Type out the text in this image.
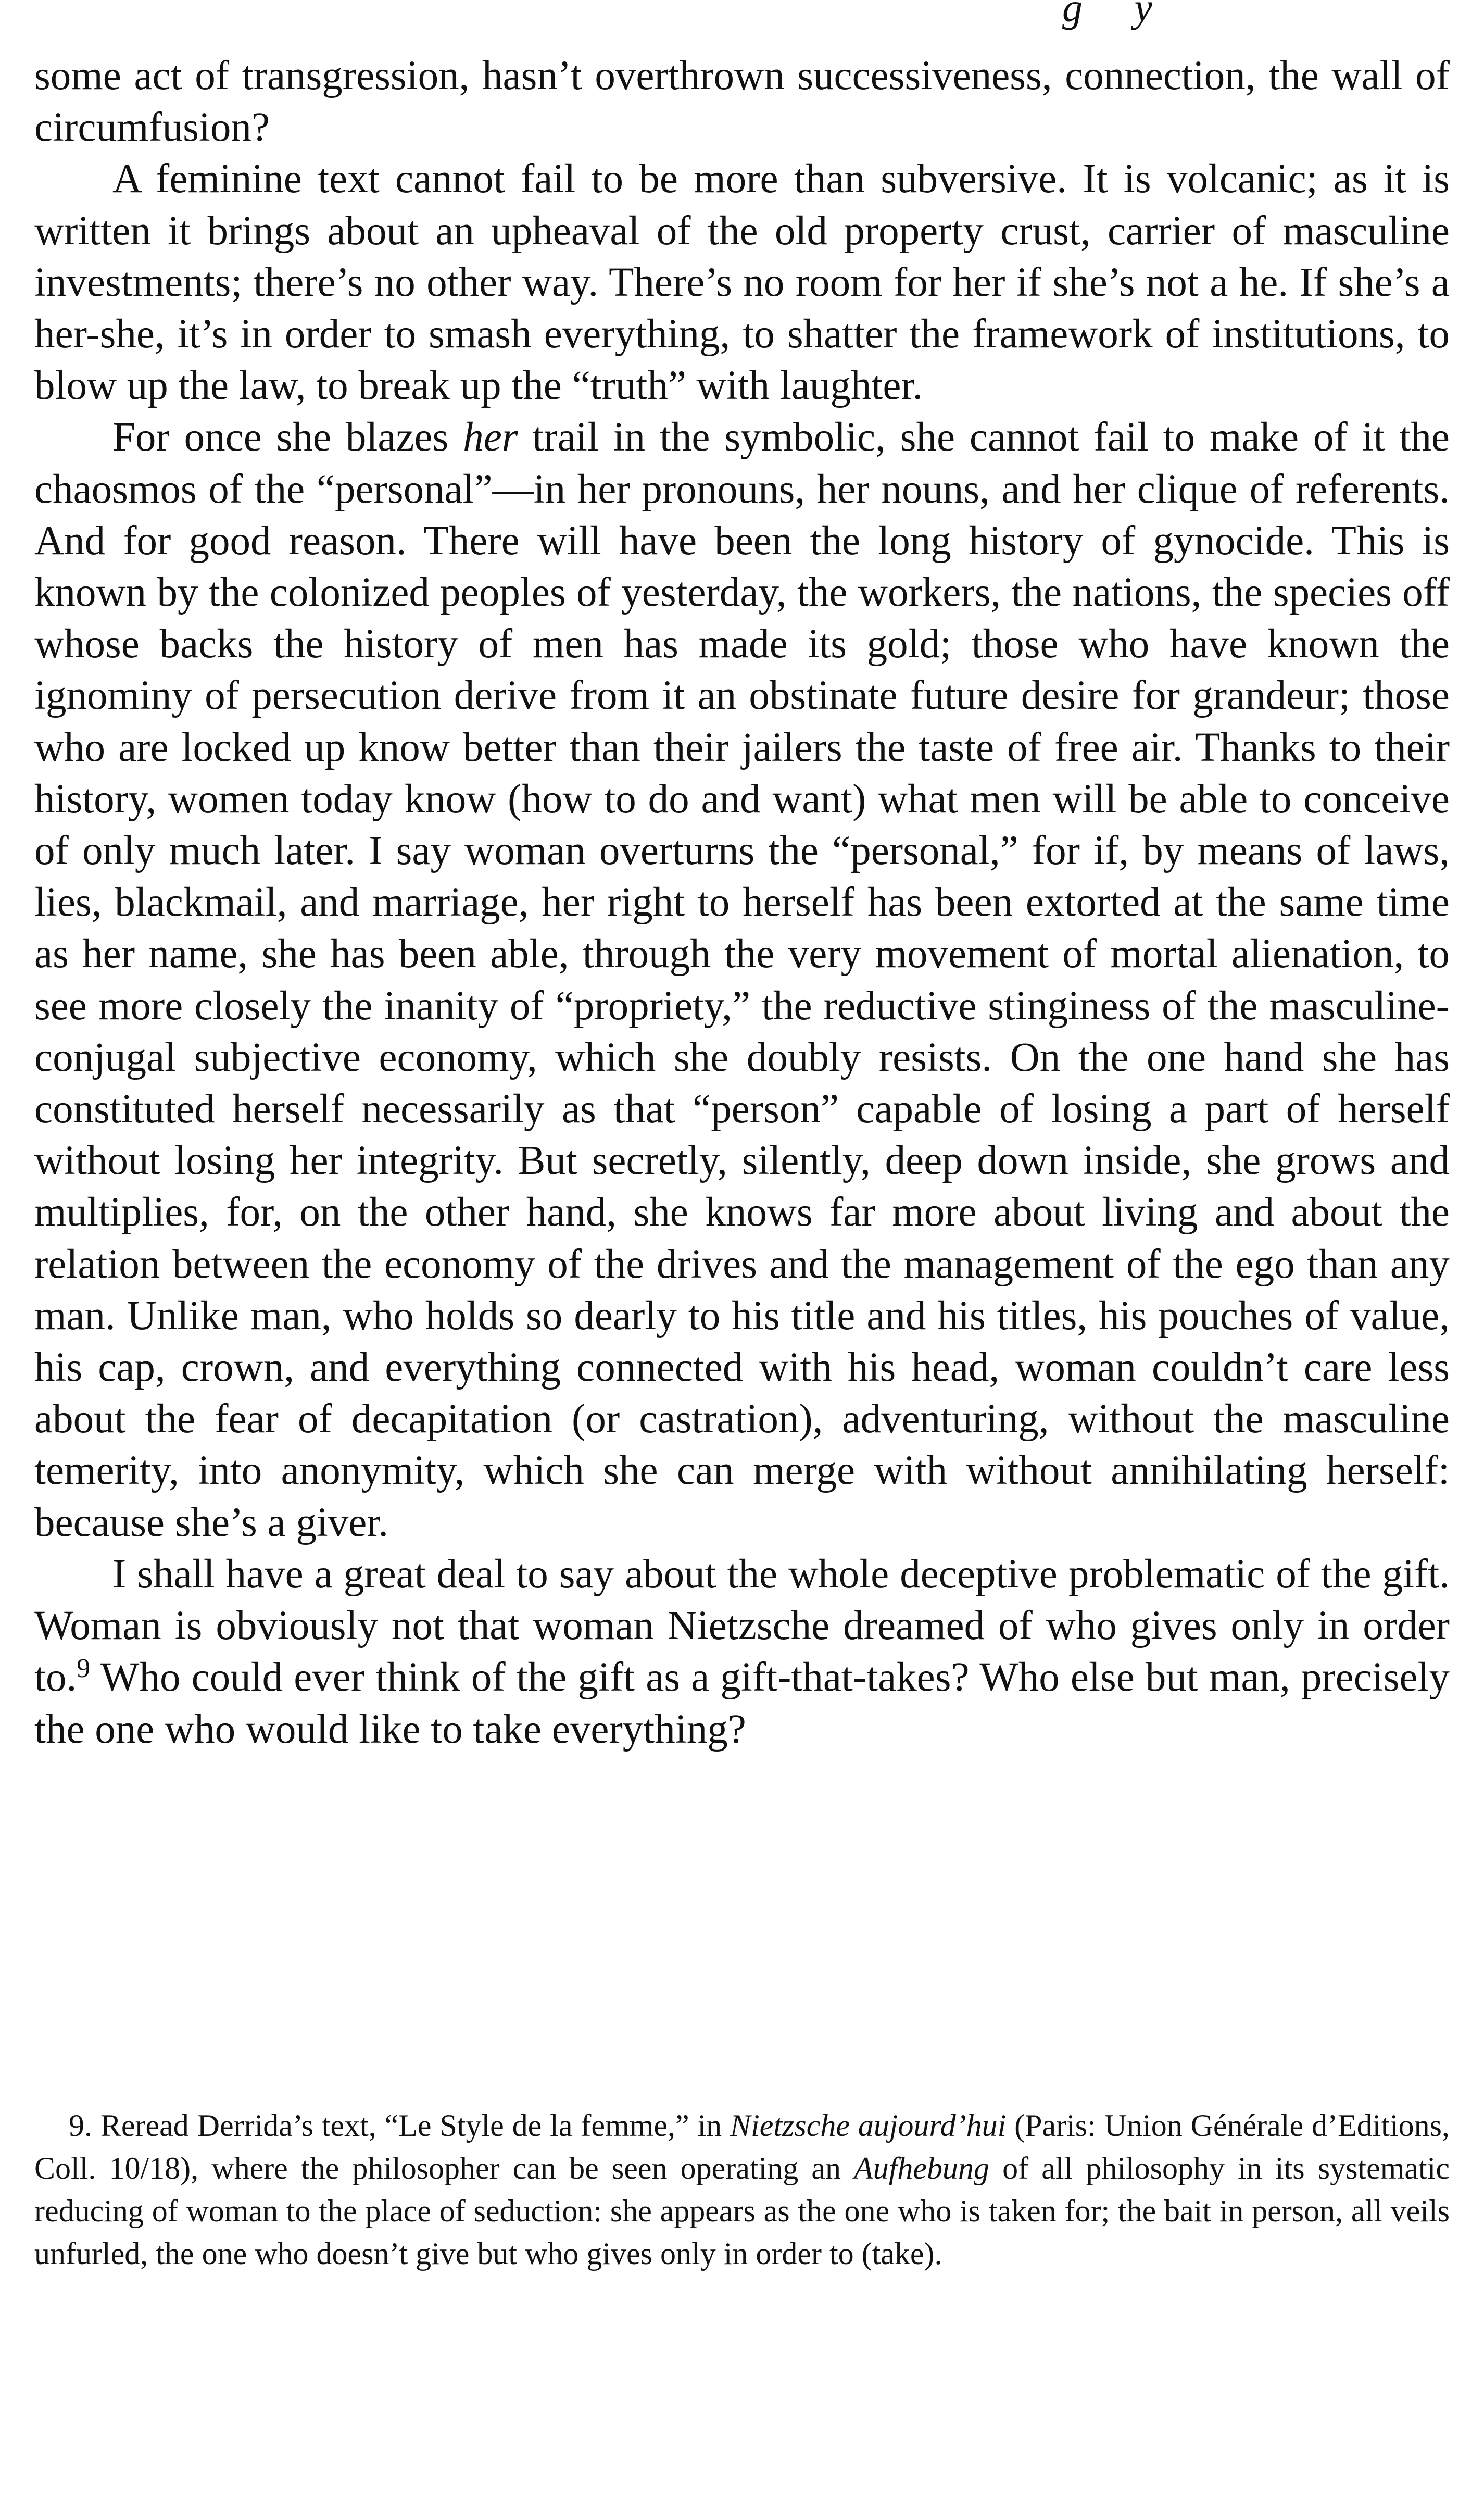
g y

some act of transgression, hasn’t overthrown successiveness, connection, the wall of circumfusion?

A feminine text cannot fail to be more than subversive. It is volcanic; as it is written it brings about an upheaval of the old property crust, carrier of masculine investments; there’s no other way. There’s no room for her if she’s not a he. If she’s a her-she, it’s in order to smash everything, to shatter the framework of institutions, to blow up the law, to break up the “truth” with laughter.

For once she blazes her trail in the symbolic, she cannot fail to make of it the chaosmos of the “personal”—in her pronouns, her nouns, and her clique of referents. And for good reason. There will have been the long history of gynocide. This is known by the colonized peoples of yesterday, the workers, the nations, the species off whose backs the history of men has made its gold; those who have known the ignominy of persecution derive from it an obstinate future desire for grandeur; those who are locked up know better than their jailers the taste of free air. Thanks to their history, women today know (how to do and want) what men will be able to conceive of only much later. I say woman overturns the “personal,” for if, by means of laws, lies, blackmail, and marriage, her right to herself has been extorted at the same time as her name, she has been able, through the very movement of mortal alienation, to see more closely the inanity of “propriety,” the reductive stinginess of the masculine-conjugal subjective economy, which she doubly resists. On the one hand she has constituted herself necessarily as that “person” capable of losing a part of herself without losing her integrity. But secretly, silently, deep down inside, she grows and multiplies, for, on the other hand, she knows far more about living and about the relation between the economy of the drives and the management of the ego than any man. Unlike man, who holds so dearly to his title and his titles, his pouches of value, his cap, crown, and everything connected with his head, woman couldn’t care less about the fear of decapitation (or castration), adventuring, without the masculine temerity, into anonymity, which she can merge with without annihilating herself: because she’s a giver.

I shall have a great deal to say about the whole deceptive problematic of the gift. Woman is obviously not that woman Nietzsche dreamed of who gives only in order to.$^9$ Who could ever think of the gift as a gift-that-takes? Who else but man, precisely the one who would like to take everything?

9. Reread Derrida’s text, “Le Style de la femme,” in Nietzsche aujourd’hui (Paris: Union Générale d’Editions, Coll. 10/18), where the philosopher can be seen operating an Aufhebung of all philosophy in its systematic reducing of woman to the place of seduction: she appears as the one who is taken for; the bait in person, all veils unfurled, the one who doesn’t give but who gives only in order to (take).
